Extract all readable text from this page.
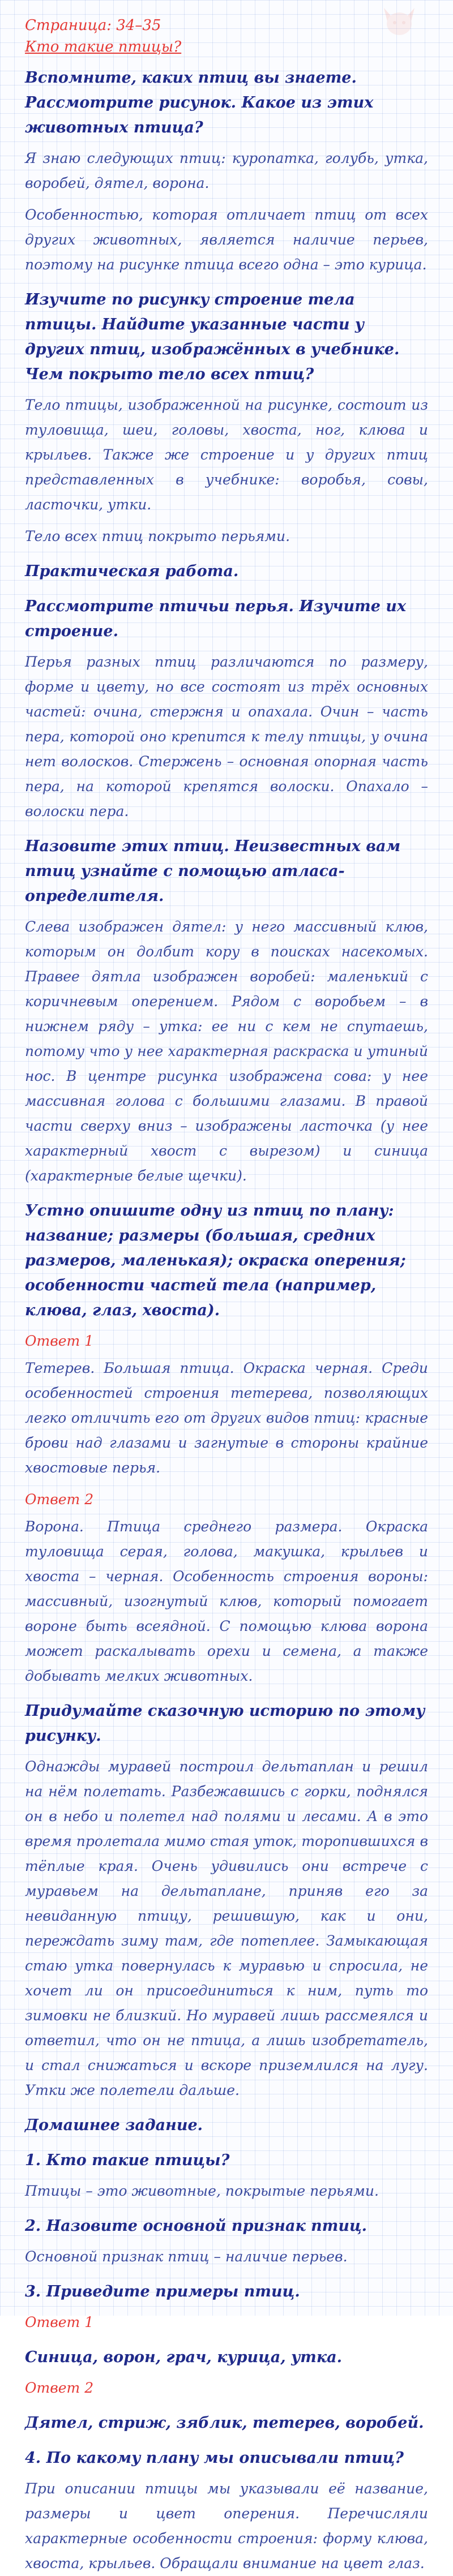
Страница: 34–35
Кто такие птицы?
Вспомните, каких птиц вы знаете. Рассмотрите рисунок. Какое из этих животных птица?
Я знаю следующих птиц: куропатка, голубь, утка, воробей, дятел, ворона.
Особенностью, которая отличает птиц от всех других животных, является наличие перьев, поэтому на рисунке птица всего одна – это курица.
Изучите по рисунку строение тела птицы. Найдите указанные части у других птиц, изображённых в учебнике. Чем покрыто тело всех птиц?
Тело птицы, изображенной на рисунке, состоит из туловища, шеи, головы, хвоста, ног, клюва и крыльев. Также же строение и у других птиц представленных в учебнике: воробья, совы, ласточки, утки.
Тело всех птиц покрыто перьями.
Практическая работа.
Рассмотрите птичьи перья. Изучите их строение.
Перья разных птиц различаются по размеру, форме и цвету, но все состоят из трёх основных частей: очина, стержня и опахала. Очин – часть пера, которой оно крепится к телу птицы, у очина нет волосков. Стержень – основная опорная часть пера, на которой крепятся волоски. Опахало – волоски пера.
Назовите этих птиц. Неизвестных вам птиц узнайте с помощью атласа-определителя.
Слева изображен дятел: у него массивный клюв, которым он долбит кору в поисках насекомых. Правее дятла изображен воробей: маленький с коричневым оперением. Рядом с воробьем – в нижнем ряду – утка: ее ни с кем не спутаешь, потому что у нее характерная раскраска и утиный нос. В центре рисунка изображена сова: у нее массивная голова с большими глазами. В правой части сверху вниз – изображены ласточка (у нее характерный хвост с вырезом) и синица (характерные белые щечки).
Устно опишите одну из птиц по плану: название; размеры (большая, средних размеров, маленькая); окраска оперения; особенности частей тела (например, клюва, глаз, хвоста).
Ответ 1
Тетерев. Большая птица. Окраска черная. Среди особенностей строения тетерева, позволяющих легко отличить его от других видов птиц: красные брови над глазами и загнутые в стороны крайние хвостовые перья.
Ответ 2
Ворона. Птица среднего размера. Окраска туловища серая, голова, макушка, крыльев и хвоста – черная. Особенность строения вороны: массивный, изогнутый клюв, который помогает вороне быть всеядной. С помощью клюва ворона может раскалывать орехи и семена, а также добывать мелких животных.
Придумайте сказочную историю по этому рисунку.
Однажды муравей построил дельтаплан и решил на нём полетать. Разбежавшись с горки, поднялся он в небо и полетел над полями и лесами. А в это время пролетала мимо стая уток, торопившихся в тёплые края. Очень удивились они встрече с муравьем на дельтаплане, приняв его за невиданную птицу, решившую, как и они, переждать зиму там, где потеплее. Замыкающая стаю утка повернулась к муравью и спросила, не хочет ли он присоединиться к ним, путь то зимовки не близкий. Но муравей лишь рассмеялся и ответил, что он не птица, а лишь изобретатель, и стал снижаться и вскоре приземлился на лугу. Утки же полетели дальше.
Домашнее задание.
1. Кто такие птицы?
Птицы – это животные, покрытые перьями.
2. Назовите основной признак птиц.
Основной признак птиц – наличие перьев.
3. Приведите примеры птиц.
Ответ 1
Синица, ворон, грач, курица, утка.
Ответ 2
Дятел, стриж, зяблик, тетерев, воробей.
4. По какому плану мы описывали птиц?
При описании птицы мы указывали её название, размеры и цвет оперения. Перечисляли характерные особенности строения: форму клюва, хвоста, крыльев. Обращали внимание на цвет глаз.
